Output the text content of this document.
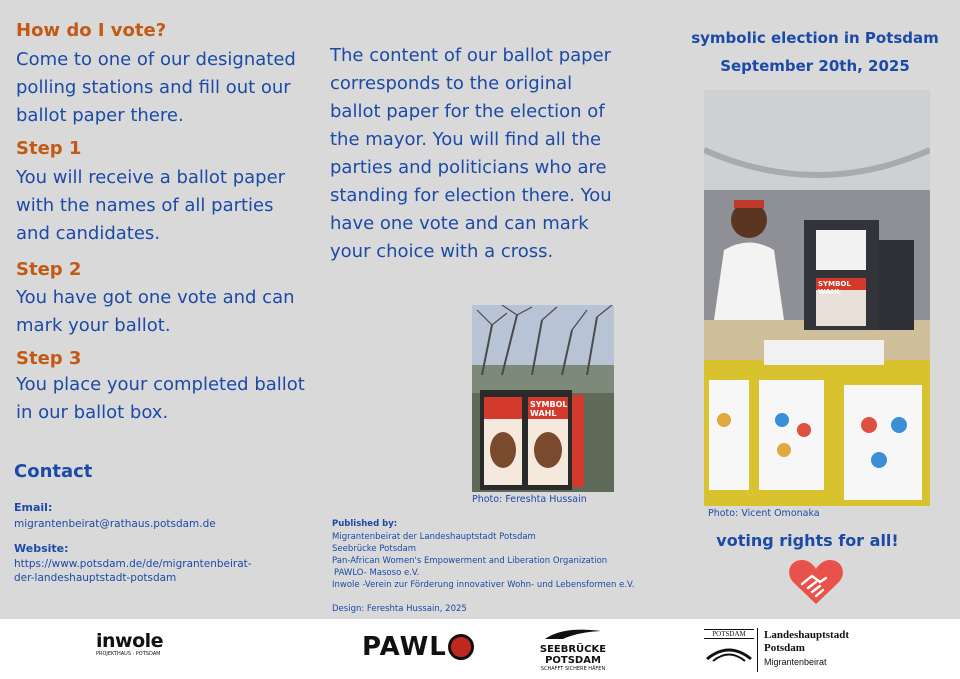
How do I vote?
Come to one of our designated polling stations and fill out our ballot paper there.
Step 1
You will receive a ballot paper with the names of all parties and candidates.
Step 2
You have got one vote and can mark your ballot.
Step 3
You place your completed ballot in our ballot box.
Contact
Email:
migrantenbeirat@rathaus.potsdam.de
Website:
https://www.potsdam.de/de/migrantenbeirat-
der-landeshauptstadt-potsdam
The content of our ballot paper corresponds to the original ballot paper for the election of the mayor. You will find all the parties and politicians who are standing for election there. You have one vote and can mark your choice with a cross.
SYMBOL WAHL
Photo: Fereshta Hussain
Published by:
Migrantenbeirat der Landeshauptstadt Potsdam
Seebrücke Potsdam
Pan-African Women's Empowerment and Liberation Organization
PAWLO- Masoso e.V.
Inwole -Verein zur Förderung innovativer Wohn- und Lebensformen e.V.
Design: Fereshta Hussain, 2025
symbolic election in Potsdam
September 20th, 2025
SYMBOL WAHL
Photo: Vicent Omonaka
voting rights for all!
inwole
PROJEKTHAUS · POTSDAM	PAWL	SEEBRÜCKE
POTSDAM
SCHAFFT SICHERE HÄFEN
POTSDAM	Landeshauptstadt
Potsdam
Migrantenbeirat
